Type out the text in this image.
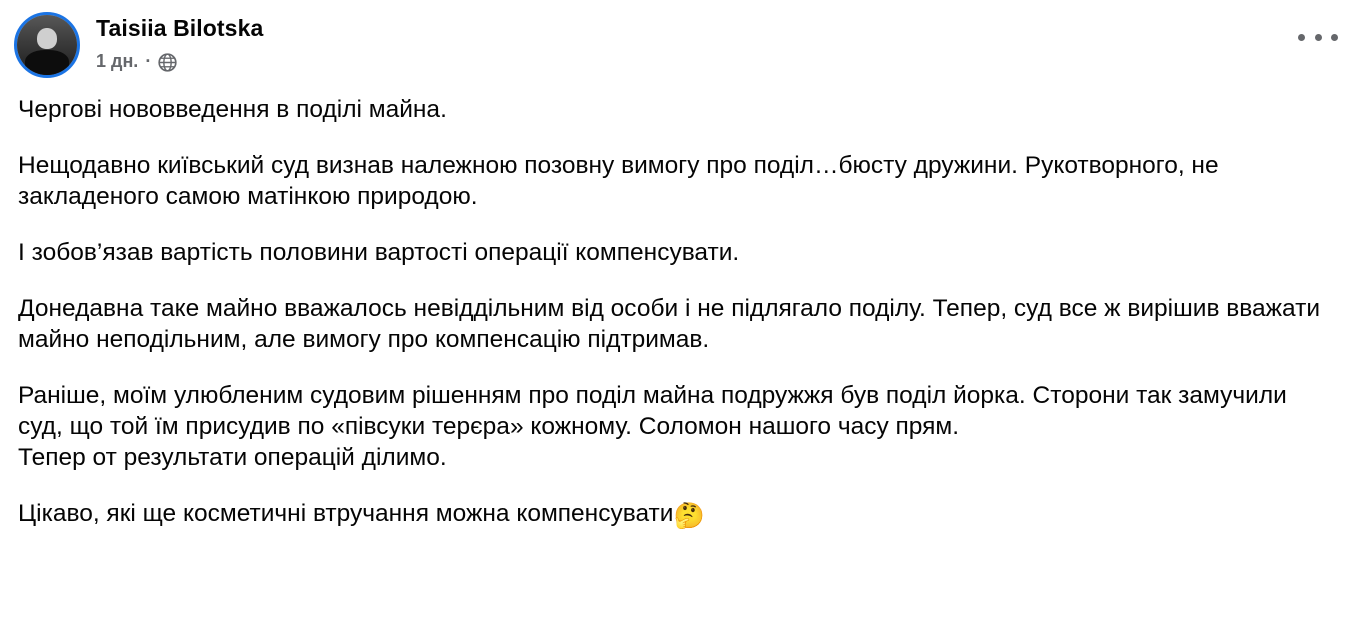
Taisiia Bilotska
1 дн. ·

Чергові нововведення в поділі майна.

Нещодавно київський суд визнав належною позовну вимогу про поділ…бюсту дружини. Рукотворного, не закладеного самою матінкою природою.

І зобов’язав вартість половини вартості операції компенсувати.

Донедавна таке майно вважалось невіддільним від особи і не підлягало поділу. Тепер, суд все ж вирішив вважати майно неподільним, але вимогу про компенсацію підтримав.

Раніше, моїм улюбленим судовим рішенням про поділ майна подружжя був поділ йорка. Сторони так замучили суд, що той їм присудив по «півсуки терєра» кожному. Соломон нашого часу прям.

Тепер от результати операцій ділимо.

Цікаво, які ще косметичні втручання можна компенсувати🤔
